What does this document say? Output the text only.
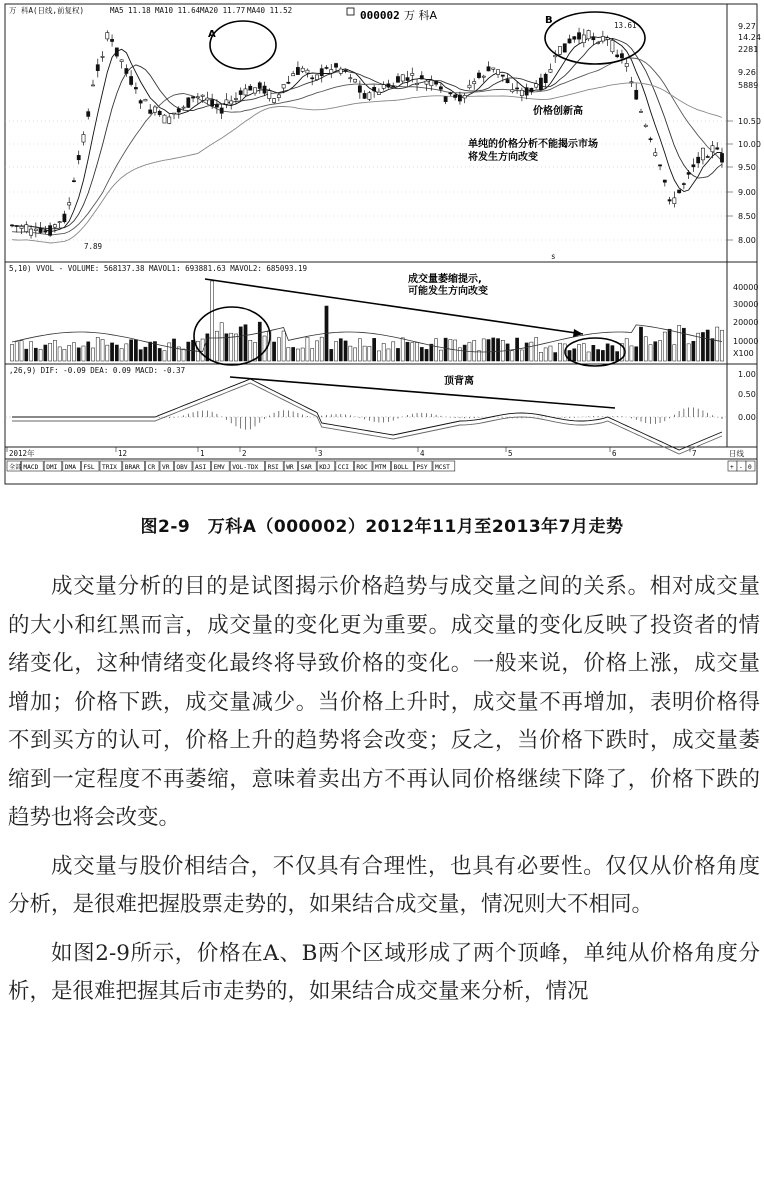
万 科A(日线,前复权)	MA5 11.18 MA10 11.64 MA20 11.77 MA40 11.52	000002 万 科A
9.27
14.24
2281
9.26
5889
10.50
10.00
9.50
9.00
8.50
8.00
A
B	13.61
7.89
价格创新高
单纯的价格分析不能揭示市场
将发生方向改变
s
5,10) VVOL - VOLUME: 568137.38 MAVOL1: 693881.63 MAVOL2: 685093.19
40000
30000
20000
10000
X100
成交量萎缩提示,
可能发生方向改变
,26,9) DIF: -0.09 DEA: 0.09 MACD: -0.37	1.00
0.50
0.00
顶背离
2012年	12	1	2	3	4	5	6	7	日线
全部 MACD DMI DMA FSL TRIX BRAR CR VR OBV ASI EMV VOL-TDX RSI WR SAR KDJ CCI ROC MTM BOLL PSY MCST	+ - 0
图2-9　万科A（000002）2012年11月至2013年7月走势

成交量分析的目的是试图揭示价格趋势与成交量之间的关系。相对成交量的大小和红黑而言，成交量的变化更为重要。成交量的变化反映了投资者的情绪变化，这种情绪变化最终将导致价格的变化。一般来说，价格上涨，成交量增加；价格下跌，成交量减少。当价格上升时，成交量不再增加，表明价格得不到买方的认可，价格上升的趋势将会改变；反之，当价格下跌时，成交量萎缩到一定程度不再萎缩，意味着卖出方不再认同价格继续下降了，价格下跌的趋势也将会改变。

成交量与股价相结合，不仅具有合理性，也具有必要性。仅仅从价格角度分析，是很难把握股票走势的，如果结合成交量，情况则大不相同。

如图2-9所示，价格在A、B两个区域形成了两个顶峰，单纯从价格角度分析，是很难把握其后市走势的，如果结合成交量来分析，情况
